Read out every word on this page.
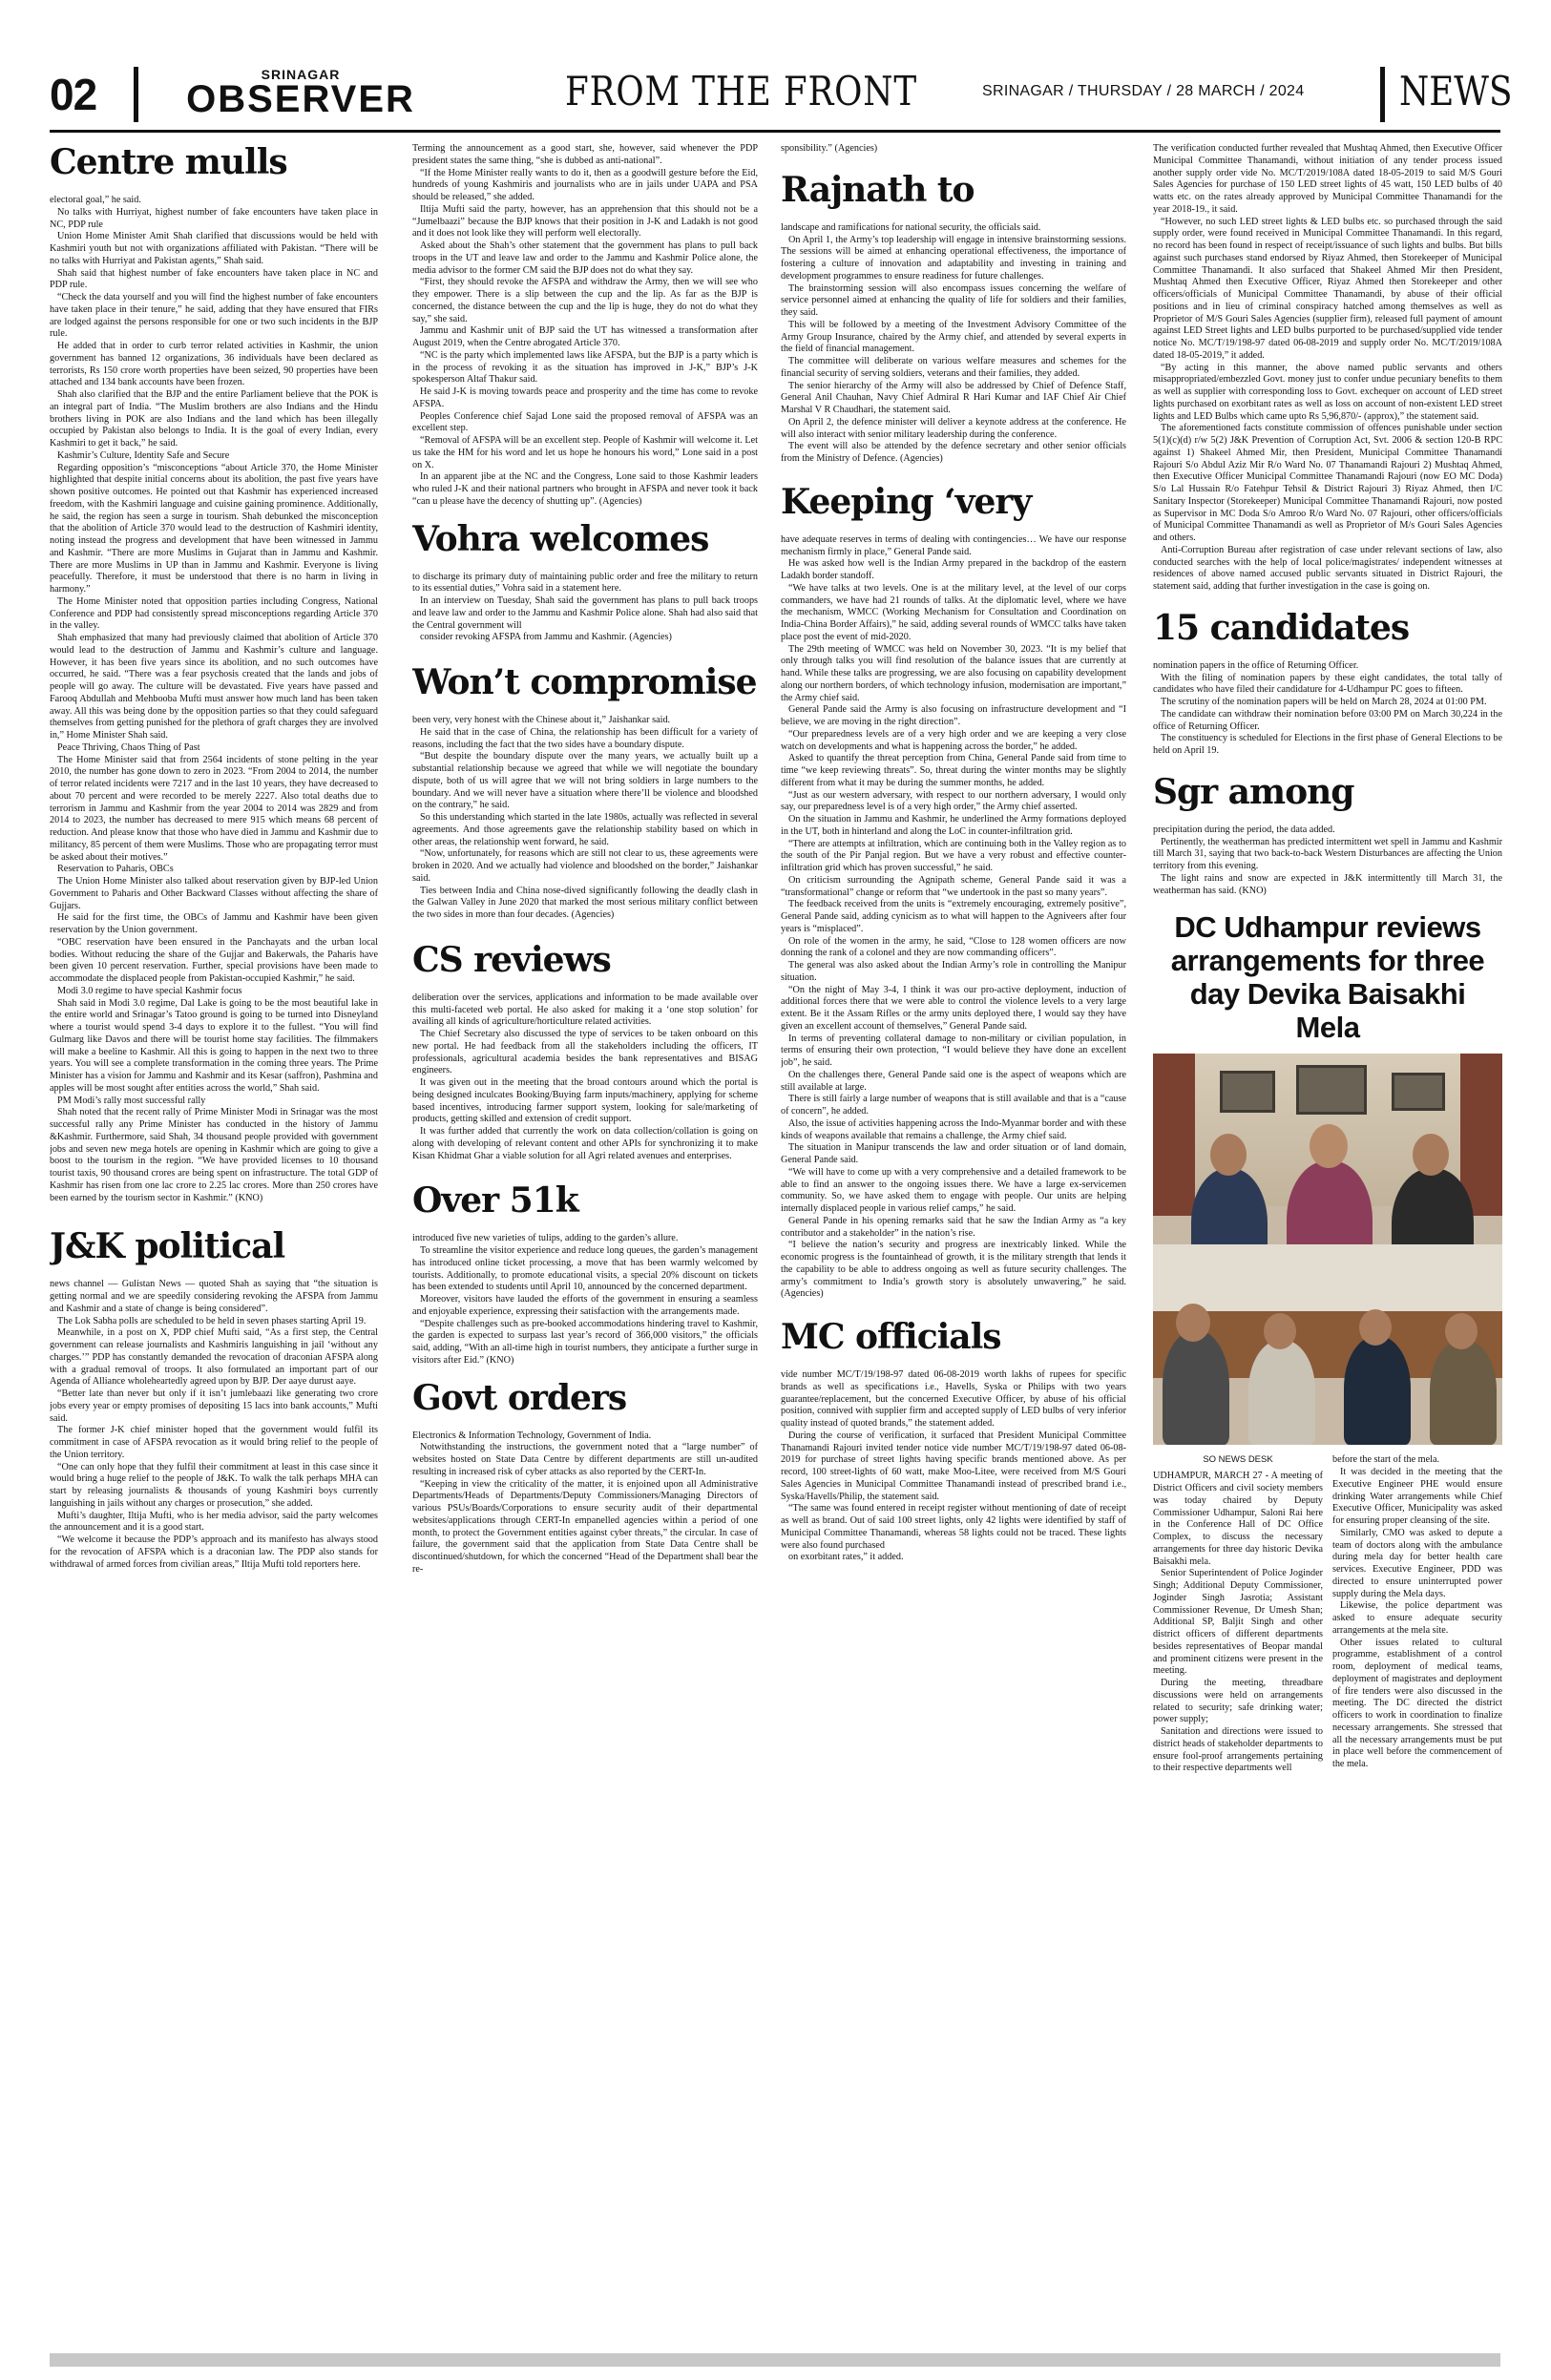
02	SRINAGAR
OBSERVER	FROM THE FRONT	SRINAGAR / THURSDAY / 28 MARCH / 2024 NEWS
Centre mulls

electoral goal,” he said.

No talks with Hurriyat, highest number of fake encounters have taken place in NC, PDP rule

Union Home Minister Amit Shah clarified that discussions would be held with Kashmiri youth but not with organizations affiliated with Pakistan. “There will be no talks with Hurriyat and Pakistan agents,” Shah said.

Shah said that highest number of fake encounters have taken place in NC and PDP rule.

“Check the data yourself and you will find the highest number of fake encounters have taken place in their tenure,” he said, adding that they have ensured that FIRs are lodged against the persons responsible for one or two such incidents in the BJP rule.

He added that in order to curb terror related activities in Kashmir, the union government has banned 12 organizations, 36 individuals have been declared as terrorists, Rs 150 crore worth properties have been seized, 90 properties have been attached and 134 bank accounts have been frozen.

Shah also clarified that the BJP and the entire Parliament believe that the POK is an integral part of India. “The Muslim brothers are also Indians and the Hindu brothers living in POK are also Indians and the land which has been illegally occupied by Pakistan also belongs to India. It is the goal of every Indian, every Kashmiri to get it back,” he said.

Kashmir’s Culture, Identity Safe and Secure

Regarding opposition’s “misconceptions “about Article 370, the Home Minister highlighted that despite initial concerns about its abolition, the past five years have shown positive outcomes. He pointed out that Kashmir has experienced increased freedom, with the Kashmiri language and cuisine gaining prominence. Additionally, he said, the region has seen a surge in tourism. Shah debunked the misconception that the abolition of Article 370 would lead to the destruction of Kashmiri identity, noting instead the progress and development that have been witnessed in Jammu and Kashmir. “There are more Muslims in Gujarat than in Jammu and Kashmir. There are more Muslims in UP than in Jammu and Kashmir. Everyone is living peacefully. Therefore, it must be understood that there is no harm in living in harmony.”

The Home Minister noted that opposition parties including Congress, National Conference and PDP had consistently spread misconceptions regarding Article 370 in the valley.

Shah emphasized that many had previously claimed that abolition of Article 370 would lead to the destruction of Jammu and Kashmir’s culture and language. However, it has been five years since its abolition, and no such outcomes have occurred, he said. “There was a fear psychosis created that the lands and jobs of people will go away. The culture will be devastated. Five years have passed and Farooq Abdullah and Mehbooba Mufti must answer how much land has been taken away. All this was being done by the opposition parties so that they could safeguard themselves from getting punished for the plethora of graft charges they are involved in,” Home Minister Shah said.

Peace Thriving, Chaos Thing of Past

The Home Minister said that from 2564 incidents of stone pelting in the year 2010, the number has gone down to zero in 2023. “From 2004 to 2014, the number of terror related incidents were 7217 and in the last 10 years, they have decreased to about 70 percent and were recorded to be merely 2227. Also total deaths due to terrorism in Jammu and Kashmir from the year 2004 to 2014 was 2829 and from 2014 to 2023, the number has decreased to mere 915 which means 68 percent of reduction. And please know that those who have died in Jammu and Kashmir due to militancy, 85 percent of them were Muslims. Those who are propagating terror must be asked about their motives.”

Reservation to Paharis, OBCs

The Union Home Minister also talked about reservation given by BJP-led Union Government to Paharis and Other Backward Classes without affecting the share of Gujjars.

He said for the first time, the OBCs of Jammu and Kashmir have been given reservation by the Union government.

“OBC reservation have been ensured in the Panchayats and the urban local bodies. Without reducing the share of the Gujjar and Bakerwals, the Paharis have been given 10 percent reservation. Further, special provisions have been made to accommodate the displaced people from Pakistan-occupied Kashmir,” he said.

Modi 3.0 regime to have special Kashmir focus

Shah said in Modi 3.0 regime, Dal Lake is going to be the most beautiful lake in the entire world and Srinagar’s Tatoo ground is going to be turned into Disneyland where a tourist would spend 3-4 days to explore it to the fullest. “You will find Gulmarg like Davos and there will be tourist home stay facilities. The filmmakers will make a beeline to Kashmir. All this is going to happen in the next two to three years. You will see a complete transformation in the coming three years. The Prime Minister has a vision for Jammu and Kashmir and its Kesar (saffron), Pashmina and apples will be most sought after entities across the world,” Shah said.

PM Modi’s rally most successful rally

Shah noted that the recent rally of Prime Minister Modi in Srinagar was the most successful rally any Prime Minister has conducted in the history of Jammu &Kashmir. Furthermore, said Shah, 34 thousand people provided with government jobs and seven new mega hotels are opening in Kashmir which are going to give a boost to the tourism in the region. “We have provided licenses to 10 thousand tourist taxis, 90 thousand crores are being spent on infrastructure. The total GDP of Kashmir has risen from one lac crore to 2.25 lac crores. More than 250 crores have been earned by the tourism sector in Kashmir.” (KNO)

J&K political

news channel — Gulistan News — quoted Shah as saying that “the situation is getting normal and we are speedily considering revoking the AFSPA from Jammu and Kashmir and a state of change is being considered”.

The Lok Sabha polls are scheduled to be held in seven phases starting April 19.

Meanwhile, in a post on X, PDP chief Mufti said, “As a first step, the Central government can release journalists and Kashmiris languishing in jail ‘without any charges.’” PDP has constantly demanded the revocation of draconian AFSPA along with a gradual removal of troops. It also formulated an important part of our Agenda of Alliance wholeheartedly agreed upon by BJP. Der aaye durust aaye.

“Better late than never but only if it isn’t jumlebaazi like generating two crore jobs every year or empty promises of depositing 15 lacs into bank accounts,” Mufti said.

The former J-K chief minister hoped that the government would fulfil its commitment in case of AFSPA revocation as it would bring relief to the people of the Union territory.

“One can only hope that they fulfil their commitment at least in this case since it would bring a huge relief to the people of J&K. To walk the talk perhaps MHA can start by releasing journalists & thousands of young Kashmiri boys currently languishing in jails without any charges or prosecution,” she added.

Mufti’s daughter, Iltija Mufti, who is her media advisor, said the party welcomes the announcement and it is a good start.

“We welcome it because the PDP’s approach and its manifesto has always stood for the revocation of AFSPA which is a draconian law. The PDP also stands for withdrawal of armed forces from civilian areas,” Iltija Mufti told reporters here.

Terming the announcement as a good start, she, however, said whenever the PDP president states the same thing, “she is dubbed as anti-national”.

“If the Home Minister really wants to do it, then as a goodwill gesture before the Eid, hundreds of young Kashmiris and journalists who are in jails under UAPA and PSA should be released,” she added.

Iltija Mufti said the party, however, has an apprehension that this should not be a “Jumelbaazi” because the BJP knows that their position in J-K and Ladakh is not good and it does not look like they will perform well electorally.

Asked about the Shah’s other statement that the government has plans to pull back troops in the UT and leave law and order to the Jammu and Kashmir Police alone, the media advisor to the former CM said the BJP does not do what they say.

“First, they should revoke the AFSPA and withdraw the Army, then we will see who they empower. There is a slip between the cup and the lip. As far as the BJP is concerned, the distance between the cup and the lip is huge, they do not do what they say,” she said.

Jammu and Kashmir unit of BJP said the UT has witnessed a transformation after August 2019, when the Centre abrogated Article 370.

“NC is the party which implemented laws like AFSPA, but the BJP is a party which is in the process of revoking it as the situation has improved in J-K,” BJP’s J-K spokesperson Altaf Thakur said.

He said J-K is moving towards peace and prosperity and the time has come to revoke AFSPA.

Peoples Conference chief Sajad Lone said the proposed removal of AFSPA was an excellent step.

“Removal of AFSPA will be an excellent step. People of Kashmir will welcome it. Let us take the HM for his word and let us hope he honours his word,” Lone said in a post on X.

In an apparent jibe at the NC and the Congress, Lone said to those Kashmir leaders who ruled J-K and their national partners who brought in AFSPA and never took it back “can u please have the decency of shutting up”. (Agencies)

Vohra welcomes

to discharge its primary duty of maintaining public order and free the military to return to its essential duties,” Vohra said in a statement here.

In an interview on Tuesday, Shah said the government has plans to pull back troops and leave law and order to the Jammu and Kashmir Police alone. Shah had also said that the Central government will

consider revoking AFSPA from Jammu and Kashmir. (Agencies)

Won’t compromise

been very, very honest with the Chinese about it,” Jaishankar said.

He said that in the case of China, the relationship has been difficult for a variety of reasons, including the fact that the two sides have a boundary dispute.

“But despite the boundary dispute over the many years, we actually built up a substantial relationship because we agreed that while we will negotiate the boundary dispute, both of us will agree that we will not bring soldiers in large numbers to the boundary. And we will never have a situation where there’ll be violence and bloodshed on the contrary,” he said.

So this understanding which started in the late 1980s, actually was reflected in several agreements. And those agreements gave the relationship stability based on which in other areas, the relationship went forward, he said.

“Now, unfortunately, for reasons which are still not clear to us, these agreements were broken in 2020. And we actually had violence and bloodshed on the border,” Jaishankar said.

Ties between India and China nose-dived significantly following the deadly clash in the Galwan Valley in June 2020 that marked the most serious military conflict between the two sides in more than four decades. (Agencies)

CS reviews

deliberation over the services, applications and information to be made available over this multi-faceted web portal. He also asked for making it a ‘one stop solution’ for availing all kinds of agriculture/horticulture related activities.

The Chief Secretary also discussed the type of services to be taken onboard on this new portal. He had feedback from all the stakeholders including the officers, IT professionals, agricultural academia besides the bank representatives and BISAG engineers.

It was given out in the meeting that the broad contours around which the portal is being designed inculcates Booking/Buying farm inputs/machinery, applying for scheme based incentives, introducing farmer support system, looking for sale/marketing of products, getting skilled and extension of credit support.

It was further added that currently the work on data collection/collation is going on along with developing of relevant content and other APIs for synchronizing it to make Kisan Khidmat Ghar a viable solution for all Agri related avenues and enterprises.

Over 51k

introduced five new varieties of tulips, adding to the garden’s allure.

To streamline the visitor experience and reduce long queues, the garden’s management has introduced online ticket processing, a move that has been warmly welcomed by tourists. Additionally, to promote educational visits, a special 20% discount on tickets has been extended to students until April 10, announced by the concerned department.

Moreover, visitors have lauded the efforts of the government in ensuring a seamless and enjoyable experience, expressing their satisfaction with the arrangements made.

“Despite challenges such as pre-booked accommodations hindering travel to Kashmir, the garden is expected to surpass last year’s record of 366,000 visitors,” the officials said, adding, “With an all-time high in tourist numbers, they anticipate a further surge in visitors after Eid.” (KNO)

Govt orders

Electronics & Information Technology, Government of India.

Notwithstanding the instructions, the government noted that a “large number” of websites hosted on State Data Centre by different departments are still un-audited resulting in increased risk of cyber attacks as also reported by the CERT-In.

“Keeping in view the criticality of the matter, it is enjoined upon all Administrative Departments/Heads of Departments/Deputy Commissioners/Managing Directors of various PSUs/Boards/Corporations to ensure security audit of their departmental websites/applications through CERT-In empanelled agencies within a period of one month, to protect the Government entities against cyber threats,” the circular. In case of failure, the government said that the application from State Data Centre shall be discontinued/shutdown, for which the concerned “Head of the Department shall bear the re-

sponsibility.” (Agencies)

Rajnath to

landscape and ramifications for national security, the officials said.

On April 1, the Army’s top leadership will engage in intensive brainstorming sessions. The sessions will be aimed at enhancing operational effectiveness, the importance of fostering a culture of innovation and adaptability and investing in training and development programmes to ensure readiness for future challenges.

The brainstorming session will also encompass issues concerning the welfare of service personnel aimed at enhancing the quality of life for soldiers and their families, they said.

This will be followed by a meeting of the Investment Advisory Committee of the Army Group Insurance, chaired by the Army chief, and attended by several experts in the field of financial management.

The committee will deliberate on various welfare measures and schemes for the financial security of serving soldiers, veterans and their families, they added.

The senior hierarchy of the Army will also be addressed by Chief of Defence Staff, General Anil Chauhan, Navy Chief Admiral R Hari Kumar and IAF Chief Air Chief Marshal V R Chaudhari, the statement said.

On April 2, the defence minister will deliver a keynote address at the conference. He will also interact with senior military leadership during the conference.

The event will also be attended by the defence secretary and other senior officials from the Ministry of Defence. (Agencies)

Keeping ‘very

have adequate reserves in terms of dealing with contingencies… We have our response mechanism firmly in place,” General Pande said.

He was asked how well is the Indian Army prepared in the backdrop of the eastern Ladakh border standoff.

“We have talks at two levels. One is at the military level, at the level of our corps commanders, we have had 21 rounds of talks. At the diplomatic level, where we have the mechanism, WMCC (Working Mechanism for Consultation and Coordination on India-China Border Affairs),” he said, adding several rounds of WMCC talks have taken place post the event of mid-2020.

The 29th meeting of WMCC was held on November 30, 2023. “It is my belief that only through talks you will find resolution of the balance issues that are currently at hand. While these talks are progressing, we are also focusing on capability development along our northern borders, of which technology infusion, modernisation are important,” the Army chief said.

General Pande said the Army is also focusing on infrastructure development and “I believe, we are moving in the right direction”.

“Our preparedness levels are of a very high order and we are keeping a very close watch on developments and what is happening across the border,” he added.

Asked to quantify the threat perception from China, General Pande said from time to time “we keep reviewing threats”. So, threat during the winter months may be slightly different from what it may be during the summer months, he added.

“Just as our western adversary, with respect to our northern adversary, I would only say, our preparedness level is of a very high order,” the Army chief asserted.

On the situation in Jammu and Kashmir, he underlined the Army formations deployed in the UT, both in hinterland and along the LoC in counter-infiltration grid.

“There are attempts at infiltration, which are continuing both in the Valley region as to the south of the Pir Panjal region. But we have a very robust and effective counter-infiltration grid which has proven successful,” he said.

On criticism surrounding the Agnipath scheme, General Pande said it was a “transformational” change or reform that “we undertook in the past so many years”.

The feedback received from the units is “extremely encouraging, extremely positive”, General Pande said, adding cynicism as to what will happen to the Agniveers after four years is “misplaced”.

On role of the women in the army, he said, “Close to 128 women officers are now donning the rank of a colonel and they are now commanding officers”.

The general was also asked about the Indian Army’s role in controlling the Manipur situation.

“On the night of May 3-4, I think it was our pro-active deployment, induction of additional forces there that we were able to control the violence levels to a very large extent. Be it the Assam Rifles or the army units deployed there, I would say they have given an excellent account of themselves,” General Pande said.

In terms of preventing collateral damage to non-military or civilian population, in terms of ensuring their own protection, “I would believe they have done an excellent job”, he said.

On the challenges there, General Pande said one is the aspect of weapons which are still available at large.

There is still fairly a large number of weapons that is still available and that is a “cause of concern”, he added.

Also, the issue of activities happening across the Indo-Myanmar border and with these kinds of weapons available that remains a challenge, the Army chief said.

The situation in Manipur transcends the law and order situation or of land domain, General Pande said.

“We will have to come up with a very comprehensive and a detailed framework to be able to find an answer to the ongoing issues there. We have a large ex-servicemen community. So, we have asked them to engage with people. Our units are helping internally displaced people in various relief camps,” he said.

General Pande in his opening remarks said that he saw the Indian Army as “a key contributor and a stakeholder” in the nation’s rise.

“I believe the nation’s security and progress are inextricably linked. While the economic progress is the fountainhead of growth, it is the military strength that lends it the capability to be able to address ongoing as well as future security challenges. The army’s commitment to India’s growth story is absolutely unwavering,” he said. (Agencies)

MC officials

vide number MC/T/19/198-97 dated 06-08-2019 worth lakhs of rupees for specific brands as well as specifications i.e., Havells, Syska or Philips with two years guarantee/replacement, but the concerned Executive Officer, by abuse of his official position, connived with supplier firm and accepted supply of LED bulbs of very inferior quality instead of quoted brands,” the statement added.

During the course of verification, it surfaced that President Municipal Committee Thanamandi Rajouri invited tender notice vide number MC/T/19/198-97 dated 06-08-2019 for purchase of street lights having specific brands mentioned above. As per record, 100 street-lights of 60 watt, make Moo-Litee, were received from M/S Gouri Sales Agencies in Municipal Committee Thanamandi instead of prescribed brand i.e., Syska/Havells/Philip, the statement said.

“The same was found entered in receipt register without mentioning of date of receipt as well as brand. Out of said 100 street lights, only 42 lights were identified by staff of Municipal Committee Thanamandi, whereas 58 lights could not be traced. These lights were also found purchased

on exorbitant rates,” it added.

The verification conducted further revealed that Mushtaq Ahmed, then Executive Officer Municipal Committee Thanamandi, without initiation of any tender process issued another supply order vide No. MC/T/2019/108A dated 18-05-2019 to said M/S Gouri Sales Agencies for purchase of 150 LED street lights of 45 watt, 150 LED bulbs of 40 watts etc. on the rates already approved by Municipal Committee Thanamandi for the year 2018-19., it said.

“However, no such LED street lights & LED bulbs etc. so purchased through the said supply order, were found received in Municipal Committee Thanamandi. In this regard, no record has been found in respect of receipt/issuance of such lights and bulbs. But bills against such purchases stand endorsed by Riyaz Ahmed, then Storekeeper of Municipal Committee Thanamandi. It also surfaced that Shakeel Ahmed Mir then President, Mushtaq Ahmed then Executive Officer, Riyaz Ahmed then Storekeeper and other officers/officials of Municipal Committee Thanamandi, by abuse of their official positions and in lieu of criminal conspiracy hatched among themselves as well as Proprietor of M/S Gouri Sales Agencies (supplier firm), released full payment of amount against LED Street lights and LED bulbs purported to be purchased/supplied vide tender notice No. MC/T/19/198-97 dated 06-08-2019 and supply order No. MC/T/2019/108A dated 18-05-2019,” it added.

“By acting in this manner, the above named public servants and others misappropriated/embezzled Govt. money just to confer undue pecuniary benefits to them as well as supplier with corresponding loss to Govt. exchequer on account of LED street lights purchased on exorbitant rates as well as loss on account of non-existent LED street lights and LED Bulbs which came upto Rs 5,96,870/- (approx),” the statement said.

The aforementioned facts constitute commission of offences punishable under section 5(1)(c)(d) r/w 5(2) J&K Prevention of Corruption Act, Svt. 2006 & section 120-B RPC against 1) Shakeel Ahmed Mir, then President, Municipal Committee Thanamandi Rajouri S/o Abdul Aziz Mir R/o Ward No. 07 Thanamandi Rajouri 2) Mushtaq Ahmed, then Executive Officer Municipal Committee Thanamandi Rajouri (now EO MC Doda) S/o Lal Hussain R/o Fatehpur Tehsil & District Rajouri 3) Riyaz Ahmed, then I/C Sanitary Inspector (Storekeeper) Municipal Committee Thanamandi Rajouri, now posted as Supervisor in MC Doda S/o Amroo R/o Ward No. 07 Rajouri, other officers/officials of Municipal Committee Thanamandi as well as Proprietor of M/s Gouri Sales Agencies and others.

Anti-Corruption Bureau after registration of case under relevant sections of law, also conducted searches with the help of local police/magistrates/ independent witnesses at residences of above named accused public servants situated in District Rajouri, the statement said, adding that further investigation in the case is going on.

15 candidates

nomination papers in the office of Returning Officer.

With the filing of nomination papers by these eight candidates, the total tally of candidates who have filed their candidature for 4-Udhampur PC goes to fifteen.

The scrutiny of the nomination papers will be held on March 28, 2024 at 01:00 PM.

The candidate can withdraw their nomination before 03:00 PM on March 30,224 in the office of Returning Officer.

The constituency is scheduled for Elections in the first phase of General Elections to be held on April 19.

Sgr among

precipitation during the period, the data added.

Pertinently, the weatherman has predicted intermittent wet spell in Jammu and Kashmir till March 31, saying that two back-to-back Western Disturbances are affecting the Union territory from this evening.

The light rains and snow are expected in J&K intermittently till March 31, the weatherman has said. (KNO)

DC Udhampur reviews arrangements for three day Devika Baisakhi Mela
SO NEWS DESK

UDHAMPUR, MARCH 27 - A meeting of District Officers and civil society members was today chaired by Deputy Commissioner Udhampur, Saloni Rai here in the Conference Hall of DC Office Complex, to discuss the necessary arrangements for three day historic Devika Baisakhi mela.

Senior Superintendent of Police Joginder Singh; Additional Deputy Commissioner, Joginder Singh Jasrotia; Assistant Commissioner Revenue, Dr Umesh Shan; Additional SP, Baljit Singh and other district officers of different departments besides representatives of Beopar mandal and prominent citizens were present in the meeting.

During the meeting, threadbare discussions were held on arrangements related to security; safe drinking water; power supply;

Sanitation and directions were issued to district heads of stakeholder departments to ensure fool-proof arrangements pertaining to their respective departments well

before the start of the mela.

It was decided in the meeting that the Executive Engineer PHE would ensure drinking Water arrangements while Chief Executive Officer, Municipality was asked for ensuring proper cleansing of the site.

Similarly, CMO was asked to depute a team of doctors along with the ambulance during mela day for better health care services. Executive Engineer, PDD was directed to ensure uninterrupted power supply during the Mela days.

Likewise, the police department was asked to ensure adequate security arrangements at the mela site.

Other issues related to cultural programme, establishment of a control room, deployment of medical teams, deployment of magistrates and deployment of fire tenders were also discussed in the meeting. The DC directed the district officers to work in coordination to finalize necessary arrangements. She stressed that all the necessary arrangements must be put in place well before the commencement of the mela.
